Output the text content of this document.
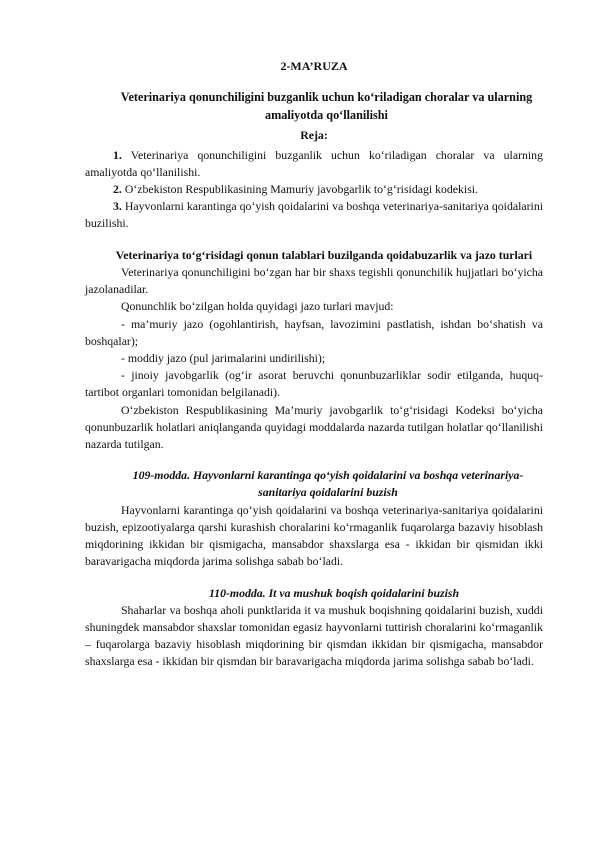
2-MA’RUZA

Veterinariya qonunchiligini buzganlik uchun ko‘riladigan choralar va ularning amaliyotda qo‘llanilishi

Reja:

1. Veterinariya qonunchiligini buzganlik uchun ko‘riladigan choralar va ularning amaliyotda qo‘llanilishi.

2. O‘zbekiston Respublikasining Mamuriy javobgarlik to‘g‘risidagi kodekisi.

3. Hayvonlarni karantinga qo‘yish qoidalarini va boshqa veterinariya-sanitariya qoidalarini buzilishi.

Veterinariya to‘g‘risidagi qonun talablari buzilganda qoidabuzarlik va jazo turlari

Veterinariya qonunchiligini bo‘zgan har bir shaxs tegishli qonunchilik hujjatlari bo‘yicha jazolanadilar.

Qonunchlik bo‘zilgan holda quyidagi jazo turlari mavjud:

- ma’muriy jazo (ogohlantirish, hayfsan, lavozimini pastlatish, ishdan bo‘shatish va boshqalar);

- moddiy jazo (pul jarimalarini undirilishi);

- jinoiy javobgarlik (og‘ir asorat beruvchi qonunbuzarliklar sodir etilganda, huquq-tartibot organlari tomonidan belgilanadi).

O‘zbekiston Respublikasining Ma’muriy javobgarlik to‘g‘risidagi Kodeksi bo‘yicha qonunbuzarlik holatlari aniqlanganda quyidagi moddalarda nazarda tutilgan holatlar qo‘llanilishi nazarda tutilgan.

109-modda. Hayvonlarni karantinga qo‘yish qoidalarini va boshqa veterinariya-sanitariya qoidalarini buzish

Hayvonlarni karantinga qo‘yish qoidalarini va boshqa veterinariya-sanitariya qoidalarini buzish, epizootiyalarga qarshi kurashish choralarini ko‘rmaganlik fuqarolarga bazaviy hisoblash miqdorining ikkidan bir qismigacha, mansabdor shaxslarga esa - ikkidan bir qismidan ikki baravarigacha miqdorda jarima solishga sabab bo‘ladi.

110-modda. It va mushuk boqish qoidalarini buzish

Shaharlar va boshqa aholi punktlarida it va mushuk boqishning qoidalarini buzish, xuddi shuningdek mansabdor shaxslar tomonidan egasiz hayvonlarni tuttirish choralarini ko‘rmaganlik – fuqarolarga bazaviy hisoblash miqdorining bir qismdan ikkidan bir qismigacha, mansabdor shaxslarga esa - ikkidan bir qismdan bir baravarigacha miqdorda jarima solishga sabab bo‘ladi.
